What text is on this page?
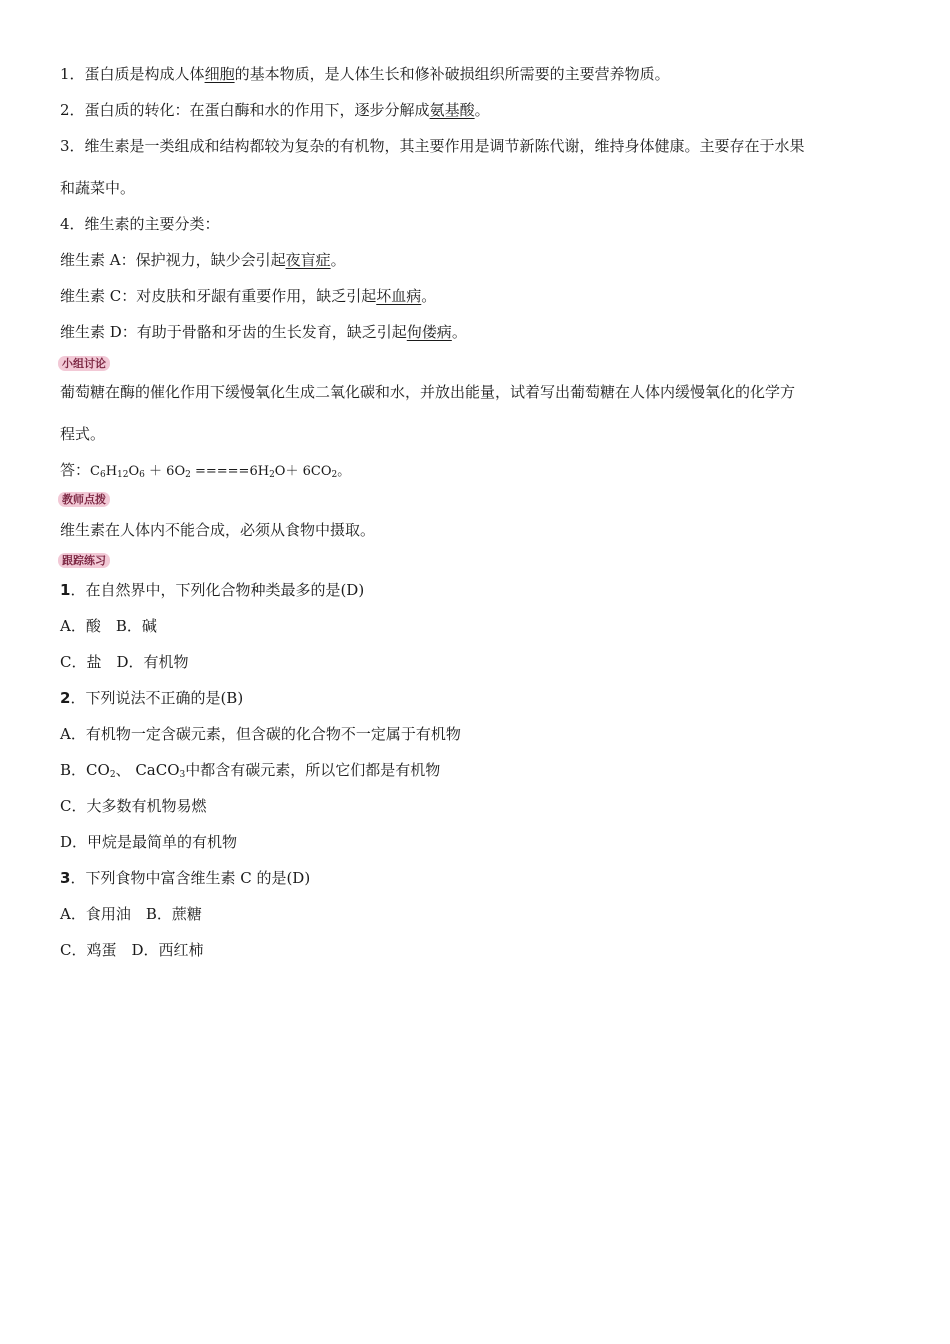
1．蛋白质是构成人体细胞的基本物质，是人体生长和修补破损组织所需要的主要营养物质。
2．蛋白质的转化：在蛋白酶和水的作用下，逐步分解成氨基酸。
3．维生素是一类组成和结构都较为复杂的有机物，其主要作用是调节新陈代谢，维持身体健康。主要存在于水果
和蔬菜中。
4．维生素的主要分类：
维生素 A：保护视力，缺少会引起夜盲症。
维生素 C：对皮肤和牙龈有重要作用，缺乏引起坏血病。
维生素 D：有助于骨骼和牙齿的生长发育，缺乏引起佝偻病。
小组讨论
葡萄糖在酶的催化作用下缓慢氧化生成二氧化碳和水，并放出能量，试着写出葡萄糖在人体内缓慢氧化的化学方
程式。
答：$C_6H_{12}O_6 + 6O_2 =====6H_2O+ 6CO_2$。
教师点拨
维生素在人体内不能合成，必须从食物中摄取。
跟踪练习
1．在自然界中，下列化合物种类最多的是(D)
A．酸　B．碱
C．盐　D．有机物
2．下列说法不正确的是(B)
A．有机物一定含碳元素，但含碳的化合物不一定属于有机物
B．$CO_2$、 CaCO$_3$中都含有碳元素，所以它们都是有机物
C．大多数有机物易燃
D．甲烷是最简单的有机物
3．下列食物中富含维生素 C 的是(D)
A．食用油　B．蔗糖
C．鸡蛋　D．西红柿
